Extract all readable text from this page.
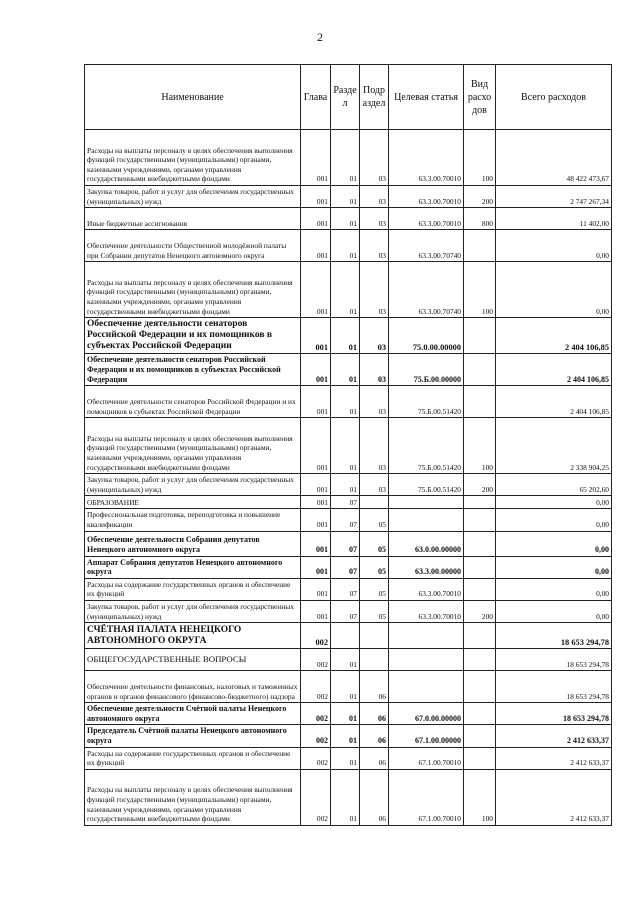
2
Наименование	Глава	Разде л	Подр аздел	Целевая статья	Вид расхо дов	Всего расходов
Расходы на выплаты персоналу в целях обеспечения выполнения функций государственными (муниципальными) органами, казенными учреждениями, органами управления государственными внебюджетными фондами	001	01	03	63.3.00.70010	100	48 422 473,67
Закупка товаров, работ и услуг для обеспечения государственных (муниципальных) нужд	001	01	03	63.3.00.70010	200	2 747 267,34
Иные бюджетные ассигнования	001	01	03	63.3.00.70010	800	11 402,00
Обеспечение деятельности Общественной молодёжной палаты при Собрании депутатов Ненецкого автономного округа	001	01	03	63.3.00.70740		0,00
Расходы на выплаты персоналу в целях обеспечения выполнения функций государственными (муниципальными) органами, казенными учреждениями, органами управления государственными внебюджетными фондами	001	01	03	63.3.00.70740	100	0,00
Обеспечение деятельности сенаторов Российской Федерации и их помощников в субъектах Российской Федерации	001	01	03	75.0.00.00000		2 404 106,85
Обеспечение деятельности сенаторов Российской Федерации и их помощников в субъектах Российской Федерации	001	01	03	75.Б.00.00000		2 404 106,85
Обеспечение деятельности сенаторов Российской Федерации и их помощников в субъектах Российской Федерации	001	01	03	75.Б.00.51420		2 404 106,85
Расходы на выплаты персоналу в целях обеспечения выполнения функций государственными (муниципальными) органами, казенными учреждениями, органами управления государственными внебюджетными фондами	001	01	03	75.Б.00.51420	100	2 338 904,25
Закупка товаров, работ и услуг для обеспечения государственных (муниципальных) нужд	001	01	03	75.Б.00.51420	200	65 202,60
ОБРАЗОВАНИЕ	001	07				0,00
Профессиональная подготовка, переподготовка и повышение квалификации	001	07	05			0,00
Обеспечение деятельности Собрания депутатов Ненецкого автономного округа	001	07	05	63.0.00.00000		0,00
Аппарат Собрания депутатов Ненецкого автономного округа	001	07	05	63.3.00.00000		0,00
Расходы на содержание государственных органов и обеспечение их функций	001	07	05	63.3.00.70010		0,00
Закупка товаров, работ и услуг для обеспечения государственных (муниципальных) нужд	001	07	05	63.3.00.70010	200	0,00
СЧЁТНАЯ ПАЛАТА НЕНЕЦКОГО АВТОНОМНОГО ОКРУГА	002					18 653 294,78
ОБЩЕГОСУДАРСТВЕННЫЕ ВОПРОСЫ	002	01				18 653 294,78
Обеспечение деятельности финансовых, налоговых и таможенных органов и органов финансового (финансово-бюджетного) надзора	002	01	06			18 653 294,78
Обеспечение деятельности Счётной палаты Ненецкого автономного округа	002	01	06	67.0.00.00000		18 653 294,78
Председатель Счётной палаты Ненецкого автономного округа	002	01	06	67.1.00.00000		2 412 633,37
Расходы на содержание государственных органов и обеспечение их функций	002	01	06	67.1.00.70010		2 412 633,37
Расходы на выплаты персоналу в целях обеспечения выполнения функций государственными (муниципальными) органами, казенными учреждениями, органами управления государственными внебюджетными фондами	002	01	06	67.1.00.70010	100	2 412 633,37
